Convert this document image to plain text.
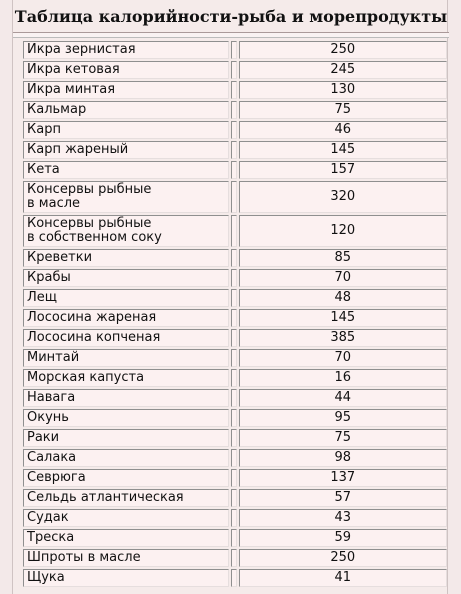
Таблица калорийности-рыба и морепродукты
Икра зернистая		250
Икра кетовая		245
Икра минтая		130
Кальмар		75
Карп		46
Карп жареный		145
Кета		157
Консервы рыбные
в масле		320
Консервы рыбные
в собственном соку		120
Креветки		85
Крабы		70
Лещ		48
Лососина жареная		145
Лососина копченая		385
Минтай		70
Морская капуста		16
Навага		44
Окунь		95
Раки		75
Салака		98
Севрюга		137
Сельдь атлантическая		57
Судак		43
Треска		59
Шпроты в масле		250
Щука		41
